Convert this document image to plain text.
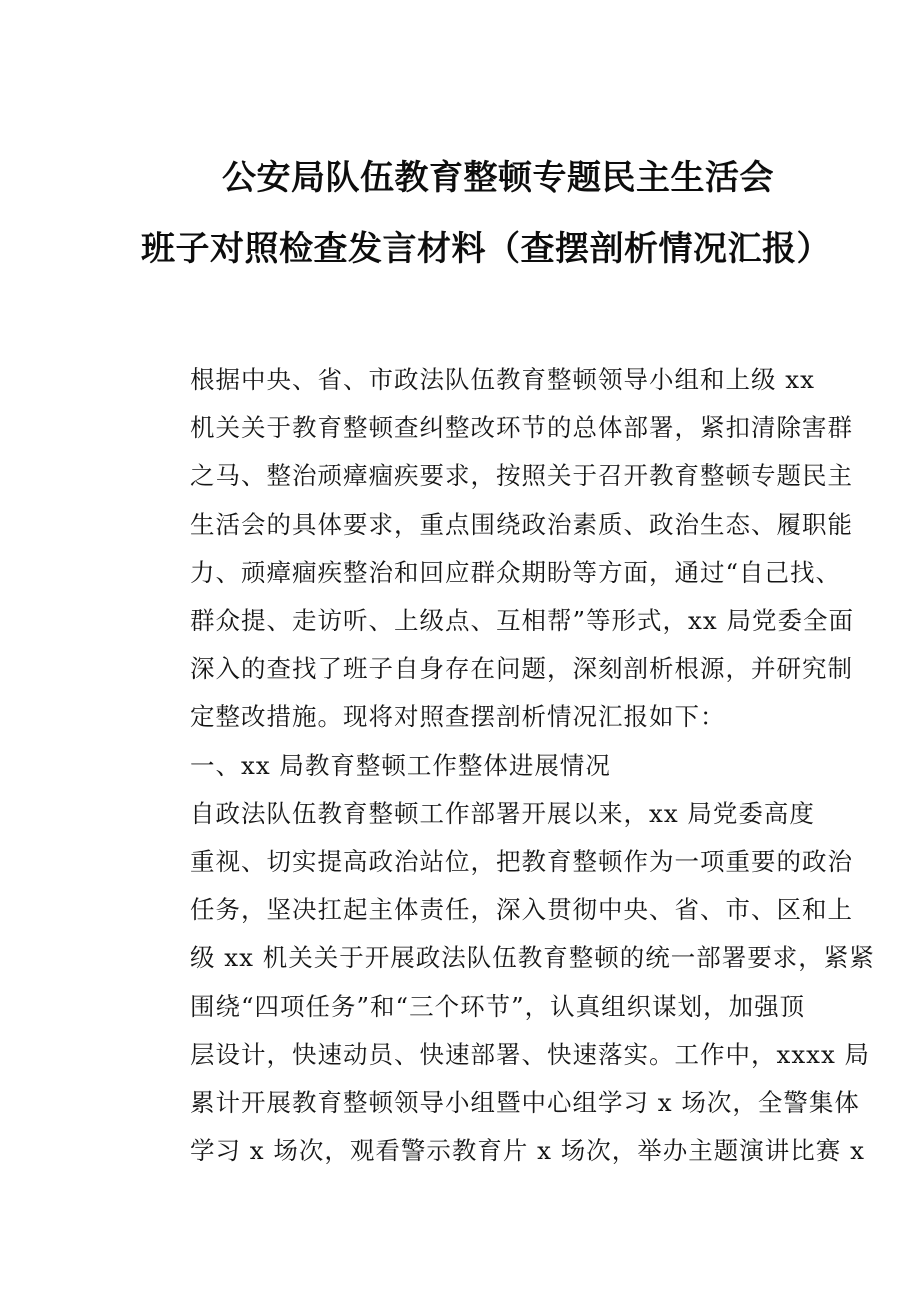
公安局队伍教育整顿专题民主生活会
班子对照检查发言材料（查摆剖析情况汇报）

根据中央、省、市政法队伍教育整顿领导小组和上级 xx
机关关于教育整顿查纠整改环节的总体部署，紧扣清除害群
之马、整治顽瘴痼疾要求，按照关于召开教育整顿专题民主
生活会的具体要求，重点围绕政治素质、政治生态、履职能
力、顽瘴痼疾整治和回应群众期盼等方面，通过“自己找、
群众提、走访听、上级点、互相帮”等形式，xx 局党委全面
深入的查找了班子自身存在问题，深刻剖析根源，并研究制
定整改措施。现将对照查摆剖析情况汇报如下：

一、xx 局教育整顿工作整体进展情况

自政法队伍教育整顿工作部署开展以来，xx 局党委高度
重视、切实提高政治站位，把教育整顿作为一项重要的政治
任务，坚决扛起主体责任，深入贯彻中央、省、市、区和上
级 xx 机关关于开展政法队伍教育整顿的统一部署要求，紧紧
围绕“四项任务”和“三个环节”，认真组织谋划，加强顶
层设计，快速动员、快速部署、快速落实。工作中，xxxx 局
累计开展教育整顿领导小组暨中心组学习 x 场次，全警集体
学习 x 场次，观看警示教育片 x 场次，举办主题演讲比赛 x
